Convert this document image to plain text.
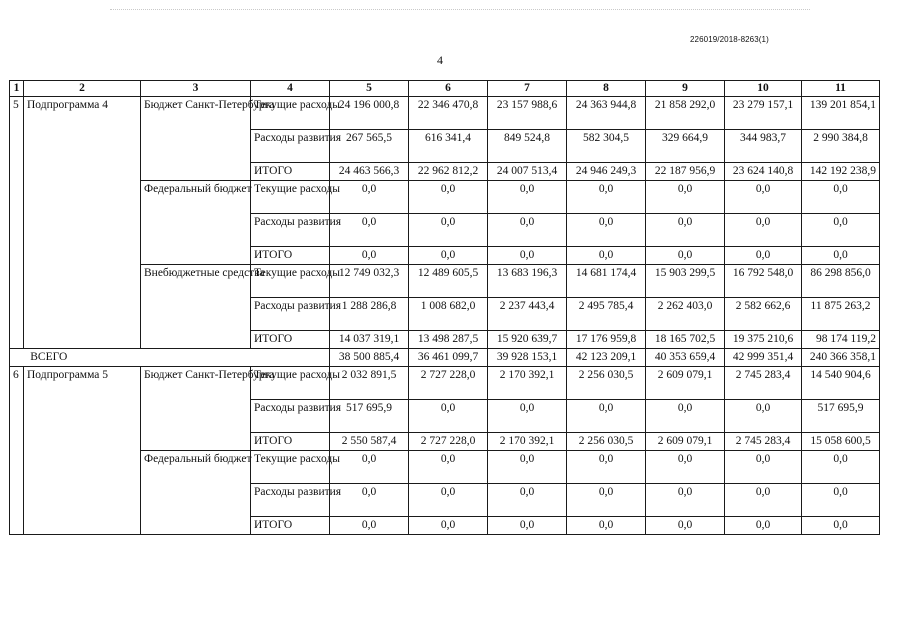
226019/2018-8263(1)
4
1	2	3	4	5	6	7	8	9	10	11
5	Подпрограмма 4	Бюджет Санкт-Петербурга	Текущие расходы	24 196 000,8	22 346 470,8	23 157 988,6	24 363 944,8	21 858 292,0	23 279 157,1	139 201 854,1
			Расходы развития	267 565,5	616 341,4	849 524,8	582 304,5	329 664,9	344 983,7	2 990 384,8
			ИТОГО	24 463 566,3	22 962 812,2	24 007 513,4	24 946 249,3	22 187 956,9	23 624 140,8	142 192 238,9
		Федеральный бюджет	Текущие расходы	0,0	0,0	0,0	0,0	0,0	0,0	0,0
			Расходы развития	0,0	0,0	0,0	0,0	0,0	0,0	0,0
			ИТОГО	0,0	0,0	0,0	0,0	0,0	0,0	0,0
		Внебюджетные средства	Текущие расходы	12 749 032,3	12 489 605,5	13 683 196,3	14 681 174,4	15 903 299,5	16 792 548,0	86 298 856,0
			Расходы развития	1 288 286,8	1 008 682,0	2 237 443,4	2 495 785,4	2 262 403,0	2 582 662,6	11 875 263,2
			ИТОГО	14 037 319,1	13 498 287,5	15 920 639,7	17 176 959,8	18 165 702,5	19 375 210,6	98 174 119,2
ВСЕГО				38 500 885,4	36 461 099,7	39 928 153,1	42 123 209,1	40 353 659,4	42 999 351,4	240 366 358,1
6	Подпрограмма 5	Бюджет Санкт-Петербурга	Текущие расходы	2 032 891,5	2 727 228,0	2 170 392,1	2 256 030,5	2 609 079,1	2 745 283,4	14 540 904,6
			Расходы развития	517 695,9	0,0	0,0	0,0	0,0	0,0	517 695,9
			ИТОГО	2 550 587,4	2 727 228,0	2 170 392,1	2 256 030,5	2 609 079,1	2 745 283,4	15 058 600,5
		Федеральный бюджет	Текущие расходы	0,0	0,0	0,0	0,0	0,0	0,0	0,0
			Расходы развития	0,0	0,0	0,0	0,0	0,0	0,0	0,0
			ИТОГО	0,0	0,0	0,0	0,0	0,0	0,0	0,0
